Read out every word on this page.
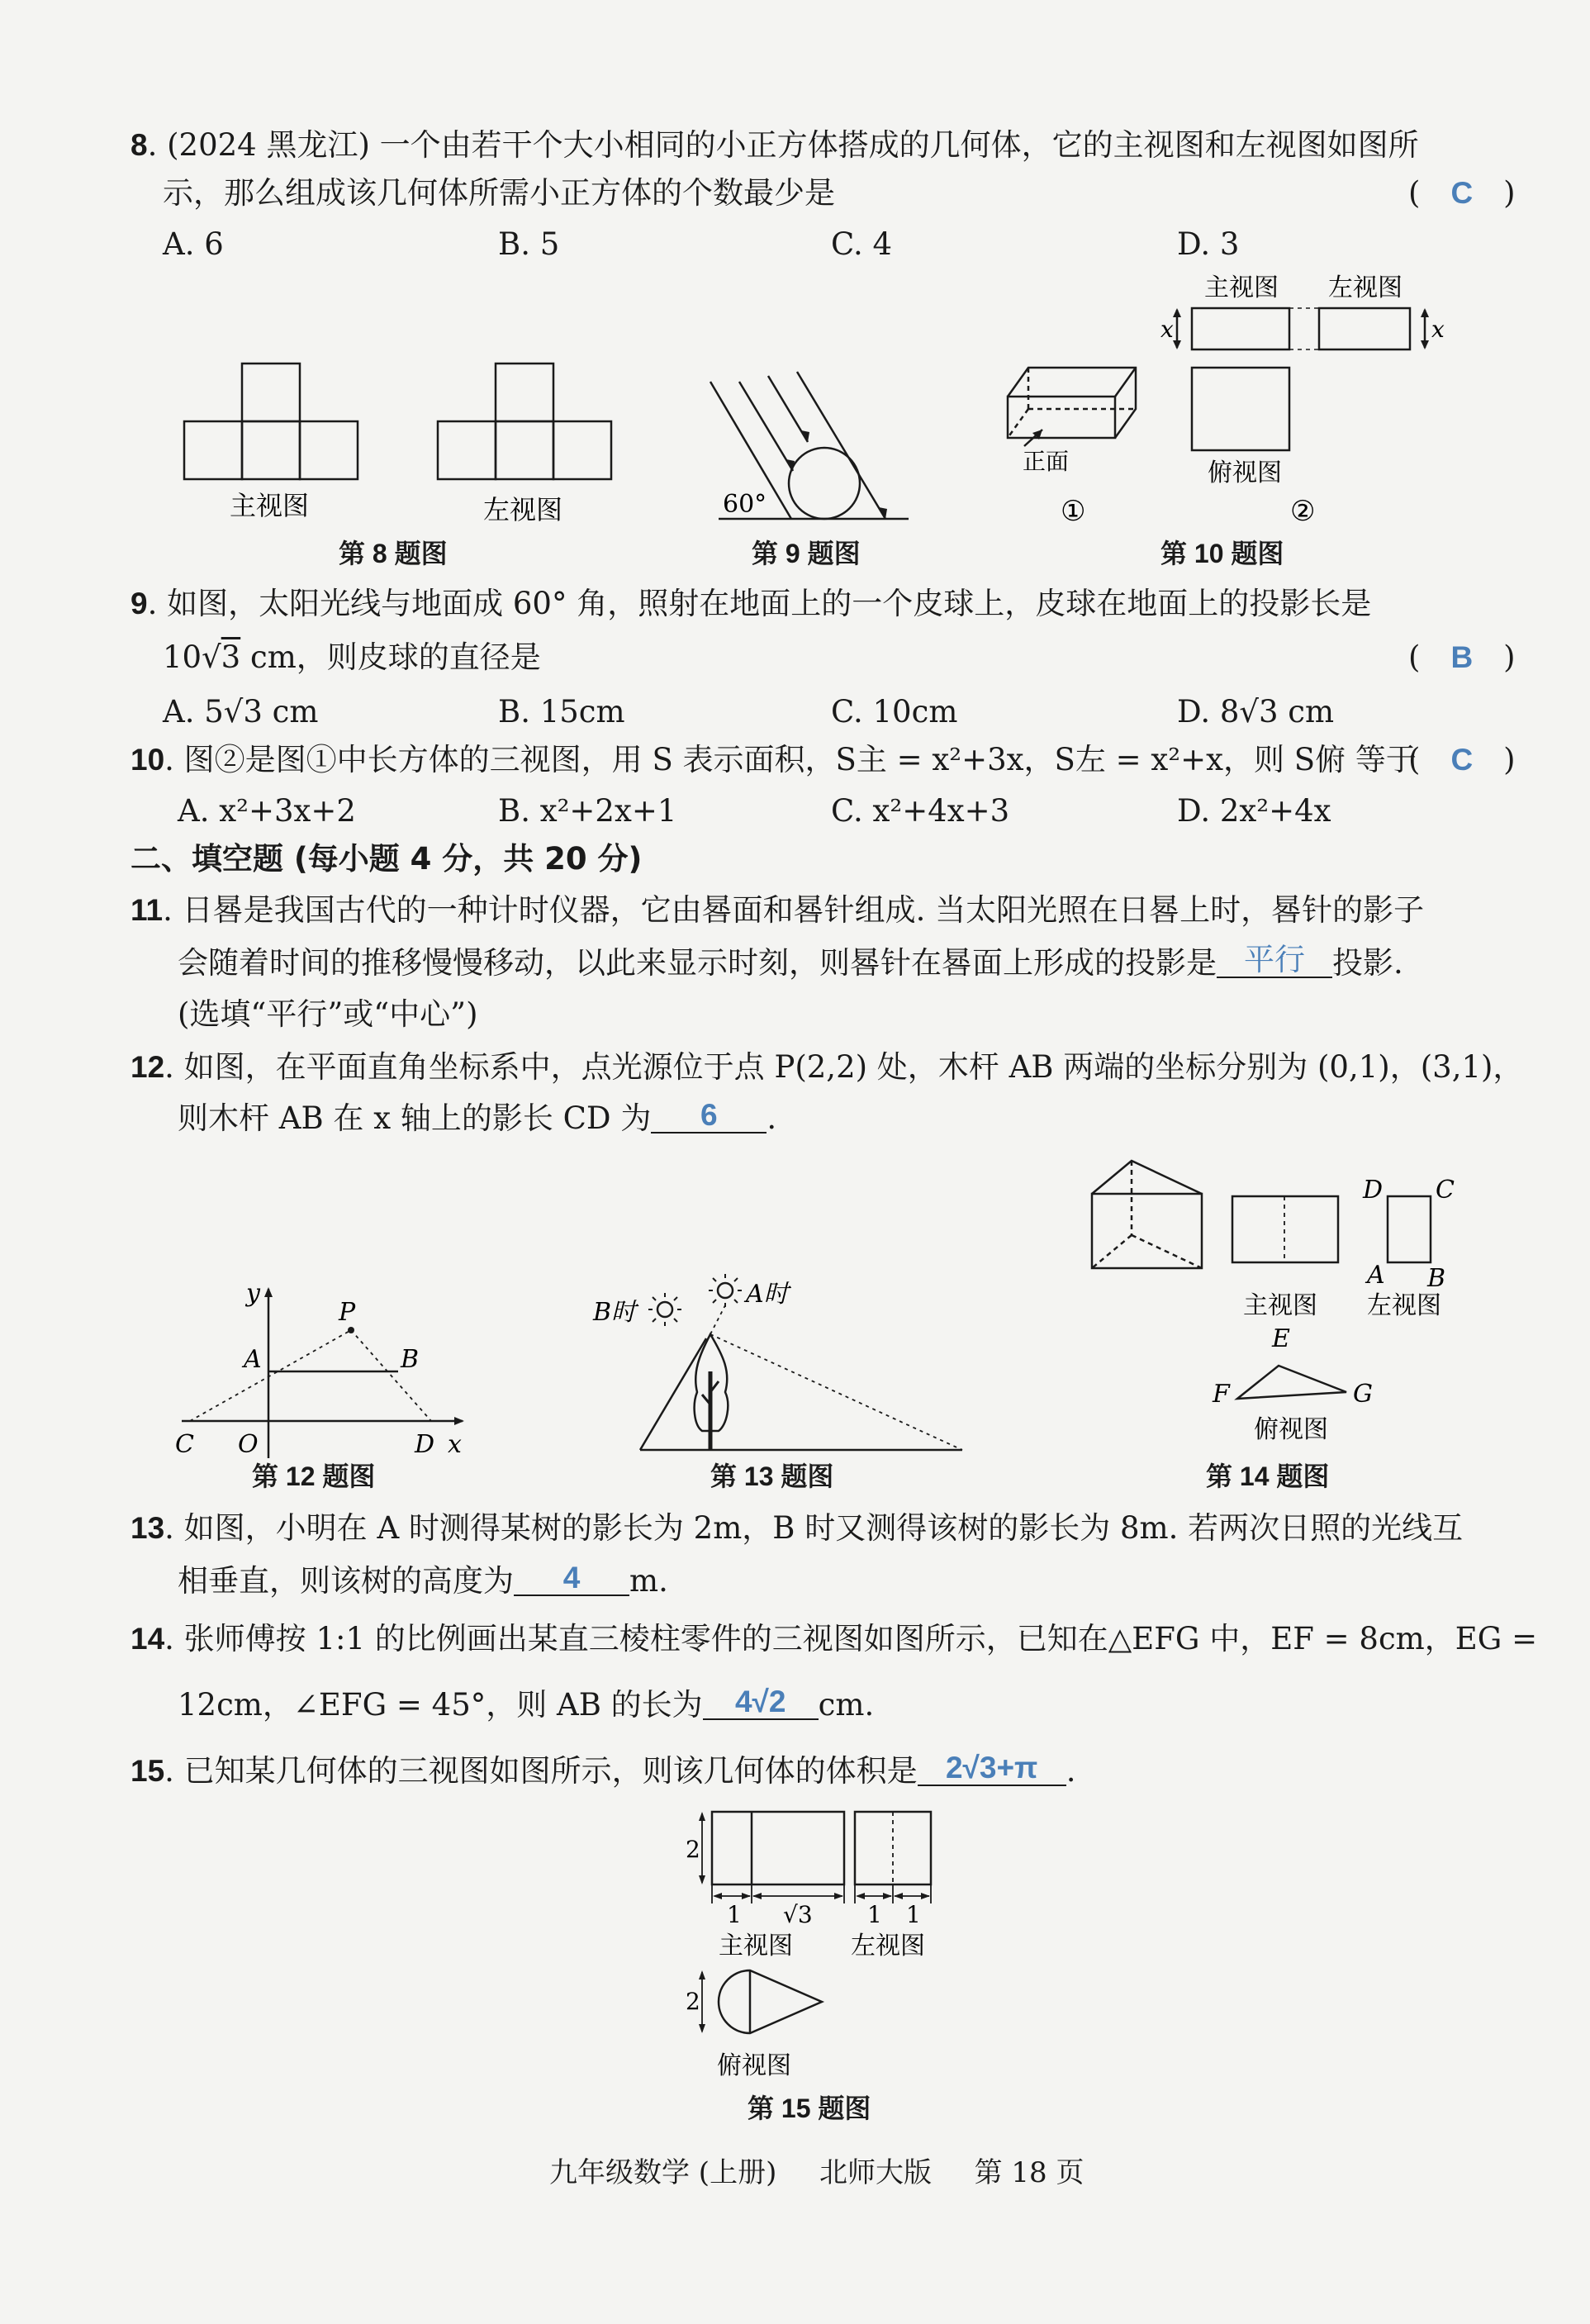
8. (2024 黑龙江) 一个由若干个大小相同的小正方体搭成的几何体，它的主视图和左视图如图所
示，那么组成该几何体所需小正方体的个数最少是	(　C　)
A. 6	B. 5	C. 4	D. 3
主视图	左视图
第 8 题图
60°
第 9 题图
主视图 左视图
俯视图
正面
x	x
①	②
第 10 题图
9. 如图，太阳光线与地面成 60° 角，照射在地面上的一个皮球上，皮球在地面上的投影长是
10√3 cm，则皮球的直径是	(　B　)
A. 5√3 cm	B. 15cm	C. 10cm	D. 8√3 cm
10. 图②是图①中长方体的三视图，用 S 表示面积，S主 = x²+3x，S左 = x²+x，则 S俯 等于
(　C　)
A. x²+3x+2	B. x²+2x+1	C. x²+4x+3	D. 2x²+4x
二、填空题 (每小题 4 分，共 20 分)
11. 日晷是我国古代的一种计时仪器，它由晷面和晷针组成. 当太阳光照在日晷上时，晷针的影子
会随着时间的推移慢慢移动，以此来显示时刻，则晷针在晷面上形成的投影是 平行 投影.
(选填“平行”或“中心”)
12. 如图，在平面直角坐标系中，点光源位于点 P(2,2) 处，木杆 AB 两端的坐标分别为 (0,1)，(3,1)，
则木杆 AB 在 x 轴上的影长 CD 为 6 .
y
x
P
A	B
C O	D
第 12 题图
B时
A时
第 13 题图
D C
A B
E
F	G
主视图 左视图
俯视图
第 14 题图
13. 如图，小明在 A 时测得某树的影长为 2m，B 时又测得该树的影长为 8m. 若两次日照的光线互
相垂直，则该树的高度为 4 m.
14. 张师傅按 1:1 的比例画出某直三棱柱零件的三视图如图所示，已知在△EFG 中，EF = 8cm，EG =
12cm，∠EFG = 45°，则 AB 的长为 4√2 cm.
15. 已知某几何体的三视图如图所示，则该几何体的体积是 2√3+π .
2
1 √3 1 1
2
主视图 左视图
俯视图
第 15 题图
九年级数学 (上册) 北师大版 第 18 页
